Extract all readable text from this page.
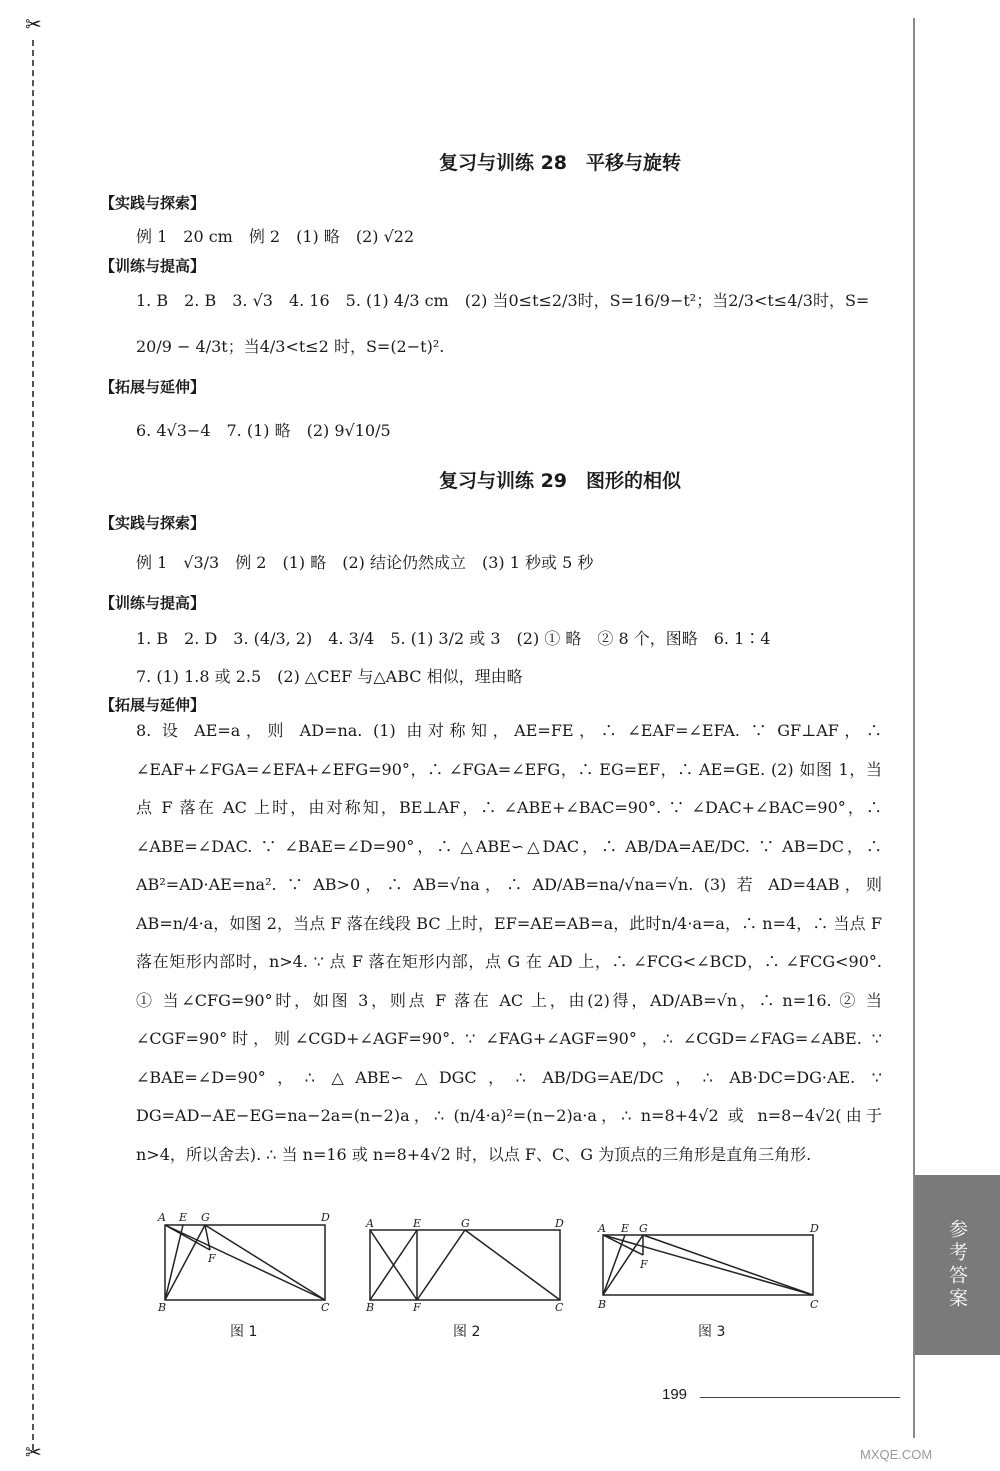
✂
✂
参考答案
复习与训练 28　平移与旋转
【实践与探索】
例 1　20 cm　例 2　(1) 略　(2) √22
【训练与提高】
1. B　2. B　3. √3　4. 16　5. (1) 4/3 cm　(2) 当0≤t≤2/3时，S=16/9−t²；当2/3<t≤4/3时，S=
20/9 − 4/3t；当4/3<t≤2 时，S=(2−t)².
【拓展与延伸】
6. 4√3−4　7. (1) 略　(2) 9√10/5
复习与训练 29　图形的相似
【实践与探索】
例 1　√3/3　例 2　(1) 略　(2) 结论仍然成立　(3) 1 秒或 5 秒
【训练与提高】
1. B　2. D　3. (4/3, 2)　4. 3/4　5. (1) 3/2 或 3　(2) ① 略　② 8 个，图略　6. 1∶4
7. (1) 1.8 或 2.5　(2) △CEF 与△ABC 相似，理由略
【拓展与延伸】
8. 设 AE=a，则 AD=na. (1) 由对称知，AE=FE，∴ ∠EAF=∠EFA. ∵ GF⊥AF，∴ ∠EAF+∠FGA=∠EFA+∠EFG=90°，∴ ∠FGA=∠EFG，∴ EG=EF，∴ AE=GE. (2) 如图 1，当点 F 落在 AC 上时，由对称知，BE⊥AF，∴ ∠ABE+∠BAC=90°. ∵ ∠DAC+∠BAC=90°，∴ ∠ABE=∠DAC. ∵ ∠BAE=∠D=90°，∴ △ABE∽△DAC，∴ AB/DA=AE/DC. ∵ AB=DC，∴ AB²=AD·AE=na². ∵ AB>0，∴ AB=√na，∴ AD/AB=na/√na=√n. (3) 若 AD=4AB，则 AB=n/4·a，如图 2，当点 F 落在线段 BC 上时，EF=AE=AB=a，此时n/4·a=a，∴ n=4，∴ 当点 F 落在矩形内部时，n>4. ∵ 点 F 落在矩形内部，点 G 在 AD 上，∴ ∠FCG<∠BCD，∴ ∠FCG<90°. ① 当∠CFG=90°时，如图 3，则点 F 落在 AC 上，由(2)得，AD/AB=√n，∴ n=16. ② 当∠CGF=90°时，则∠CGD+∠AGF=90°. ∵ ∠FAG+∠AGF=90°，∴ ∠CGD=∠FAG=∠ABE. ∵ ∠BAE=∠D=90°，∴ △ABE∽△DGC，∴ AB/DG=AE/DC，∴ AB·DC=DG·AE. ∵ DG=AD−AE−EG=na−2a=(n−2)a，∴ (n/4·a)²=(n−2)a·a，∴ n=8+4√2 或 n=8−4√2(由于n>4，所以舍去). ∴ 当 n=16 或 n=8+4√2 时，以点 F、C、G 为顶点的三角形是直角三角形.
A E G	D
F
B	C
A	E	G	D
B	F	C
A E G	D
F
B	C
图 1	图 2	图 3
199
MXQE.COM
